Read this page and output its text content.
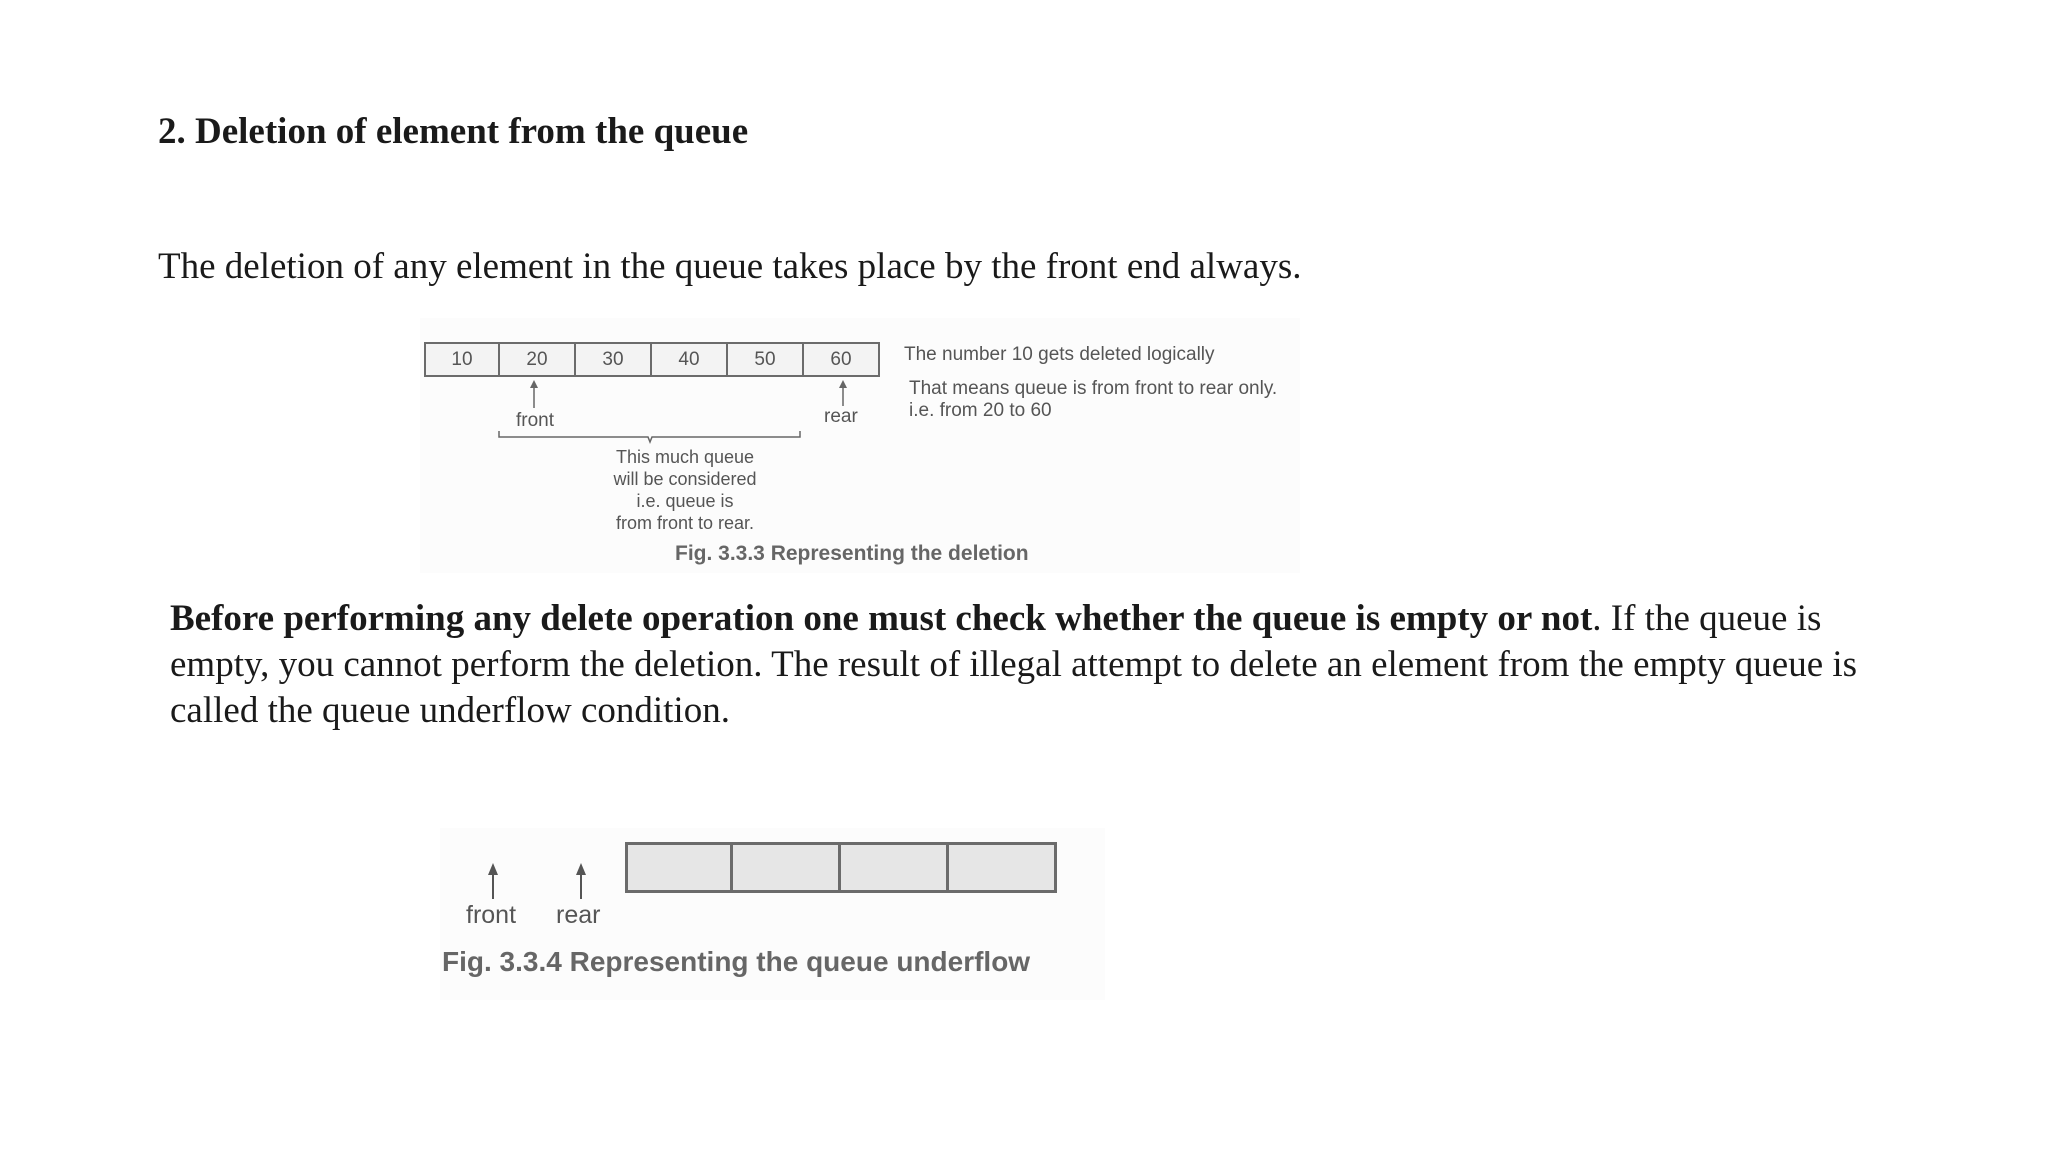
2. Deletion of element from the queue

The deletion of any element in the queue takes place by the front end always.

10	20	30	40	50	60
front	rear
This much queue
will be considered
i.e. queue is
from front to rear.
The number 10 gets deleted logically
That means queue is from front to rear only.
i.e. from 20 to 60
Fig. 3.3.3 Representing the deletion

Before performing any delete operation one must check whether the queue is empty or not. If the queue is empty, you cannot perform the deletion. The result of illegal attempt to delete an element from the empty queue is called the queue underflow condition.

front rear
Fig. 3.3.4 Representing the queue underflow
